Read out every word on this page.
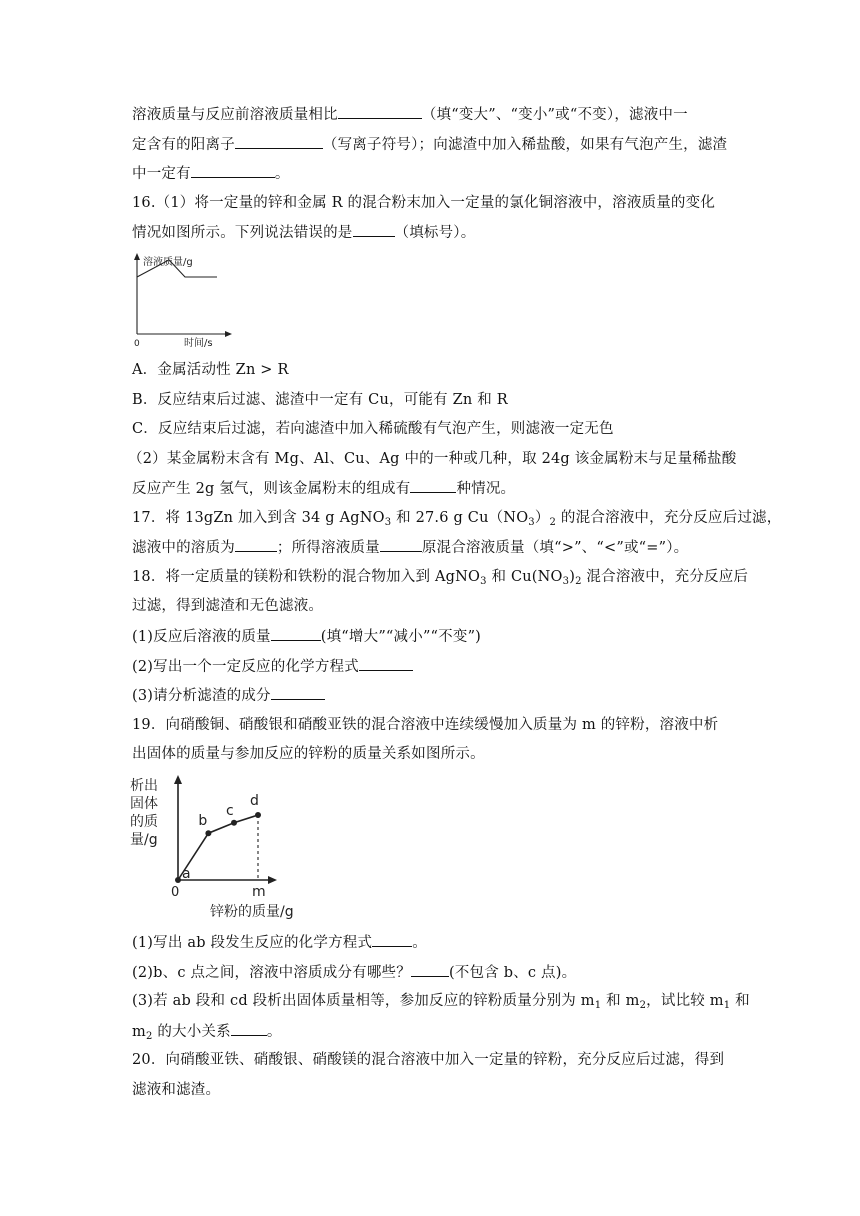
溶液质量与反应前溶液质量相比	（填“变大”、“变小”或“不变），滤液中一
定含有的阳离子	（写离子符号）；向滤渣中加入稀盐酸，如果有气泡产生，滤渣
中一定有	。
16.（1）将一定量的锌和金属 R 的混合粉末加入一定量的氯化铜溶液中，溶液质量的变化
情况如图所示。下列说法错误的是	（填标号）。
溶液质量/g
0	时间/s
A．金属活动性 Zn > R
B．反应结束后过滤、滤渣中一定有 Cu，可能有 Zn 和 R
C．反应结束后过滤，若向滤渣中加入稀硫酸有气泡产生，则滤液一定无色
（2）某金属粉末含有 Mg、Al、Cu、Ag 中的一种或几种，取 24g 该金属粉末与足量稀盐酸
反应产生 2g 氢气，则该金属粉末的组成有	种情况。
17．将 13gZn 加入到含 34 g AgNO$_3$ 和 27.6 g $Cu(NO_3)_2$ 的混合溶液中，充分反应后过滤，
滤液中的溶质为	；所得溶液质量	原混合溶液质量（填“>”、“<”或“=”）。
18．将一定质量的镁粉和铁粉的混合物加入到 AgNO$_3$ 和 $Cu(NO_3)_2$ 混合溶液中，充分反应后
过滤，得到滤渣和无色滤液。
(1)反应后溶液的质量	(填“增大”“减小”“不变”)
(2)写出一个一定反应的化学方程式
(3)请分析滤渣的成分
19．向硝酸铜、硝酸银和硝酸亚铁的混合溶液中连续缓慢加入质量为 m 的锌粉，溶液中析
出固体的质量与参加反应的锌粉的质量关系如图所示。
析出
固体
的质
量/g
0
锌粉的质量/g
a
b
c
d
m
(1)写出 ab 段发生反应的化学方程式	。
(2)b、c 点之间，溶液中溶质成分有哪些？	(不包含 b、c 点)。
(3)若 ab 段和 cd 段析出固体质量相等，参加反应的锌粉质量分别为 $m_1$ 和 $m_2$，试比较 $m_1$ 和
$m_2$ 的大小关系 。
20．向硝酸亚铁、硝酸银、硝酸镁的混合溶液中加入一定量的锌粉，充分反应后过滤，得到
滤液和滤渣。
